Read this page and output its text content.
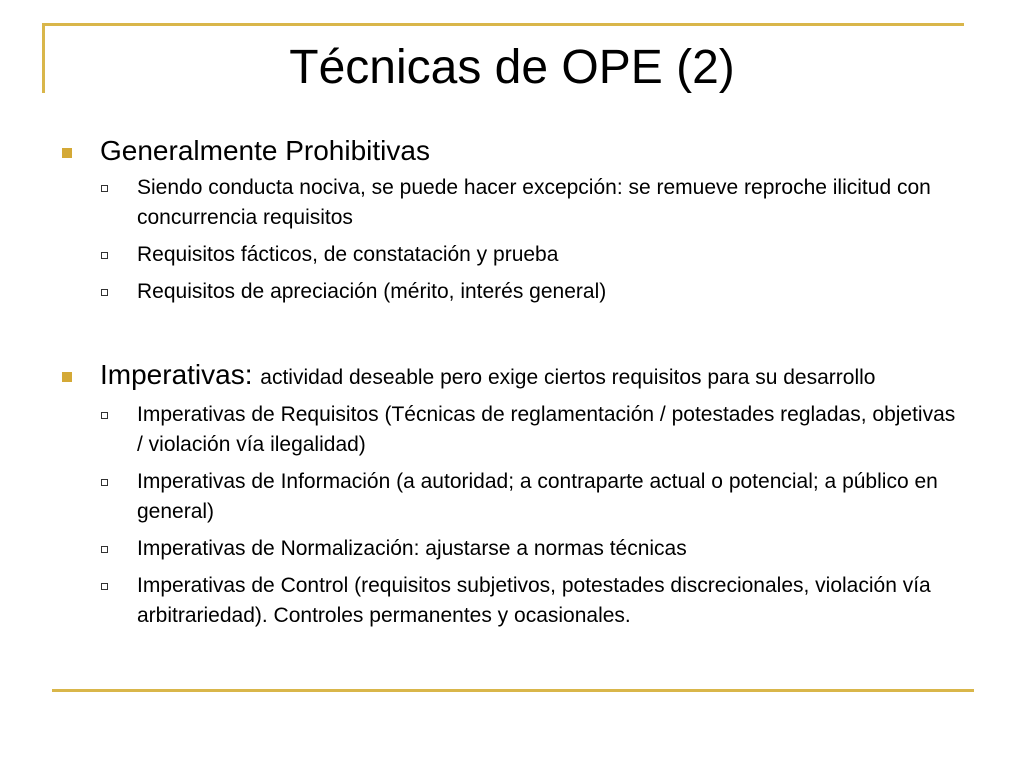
Técnicas de OPE (2)
Generalmente Prohibitivas
Siendo conducta nociva, se puede hacer excepción: se remueve reproche ilicitud con concurrencia requisitos
Requisitos fácticos, de constatación y prueba
Requisitos de apreciación (mérito, interés general)
Imperativas: actividad deseable pero exige ciertos requisitos para su desarrollo
Imperativas de Requisitos (Técnicas de reglamentación / potestades regladas, objetivas / violación vía ilegalidad)
Imperativas de Información (a autoridad; a contraparte actual o potencial; a público en general)
Imperativas de Normalización: ajustarse a normas técnicas
Imperativas de Control (requisitos subjetivos, potestades discrecionales, violación vía arbitrariedad). Controles permanentes y ocasionales.
